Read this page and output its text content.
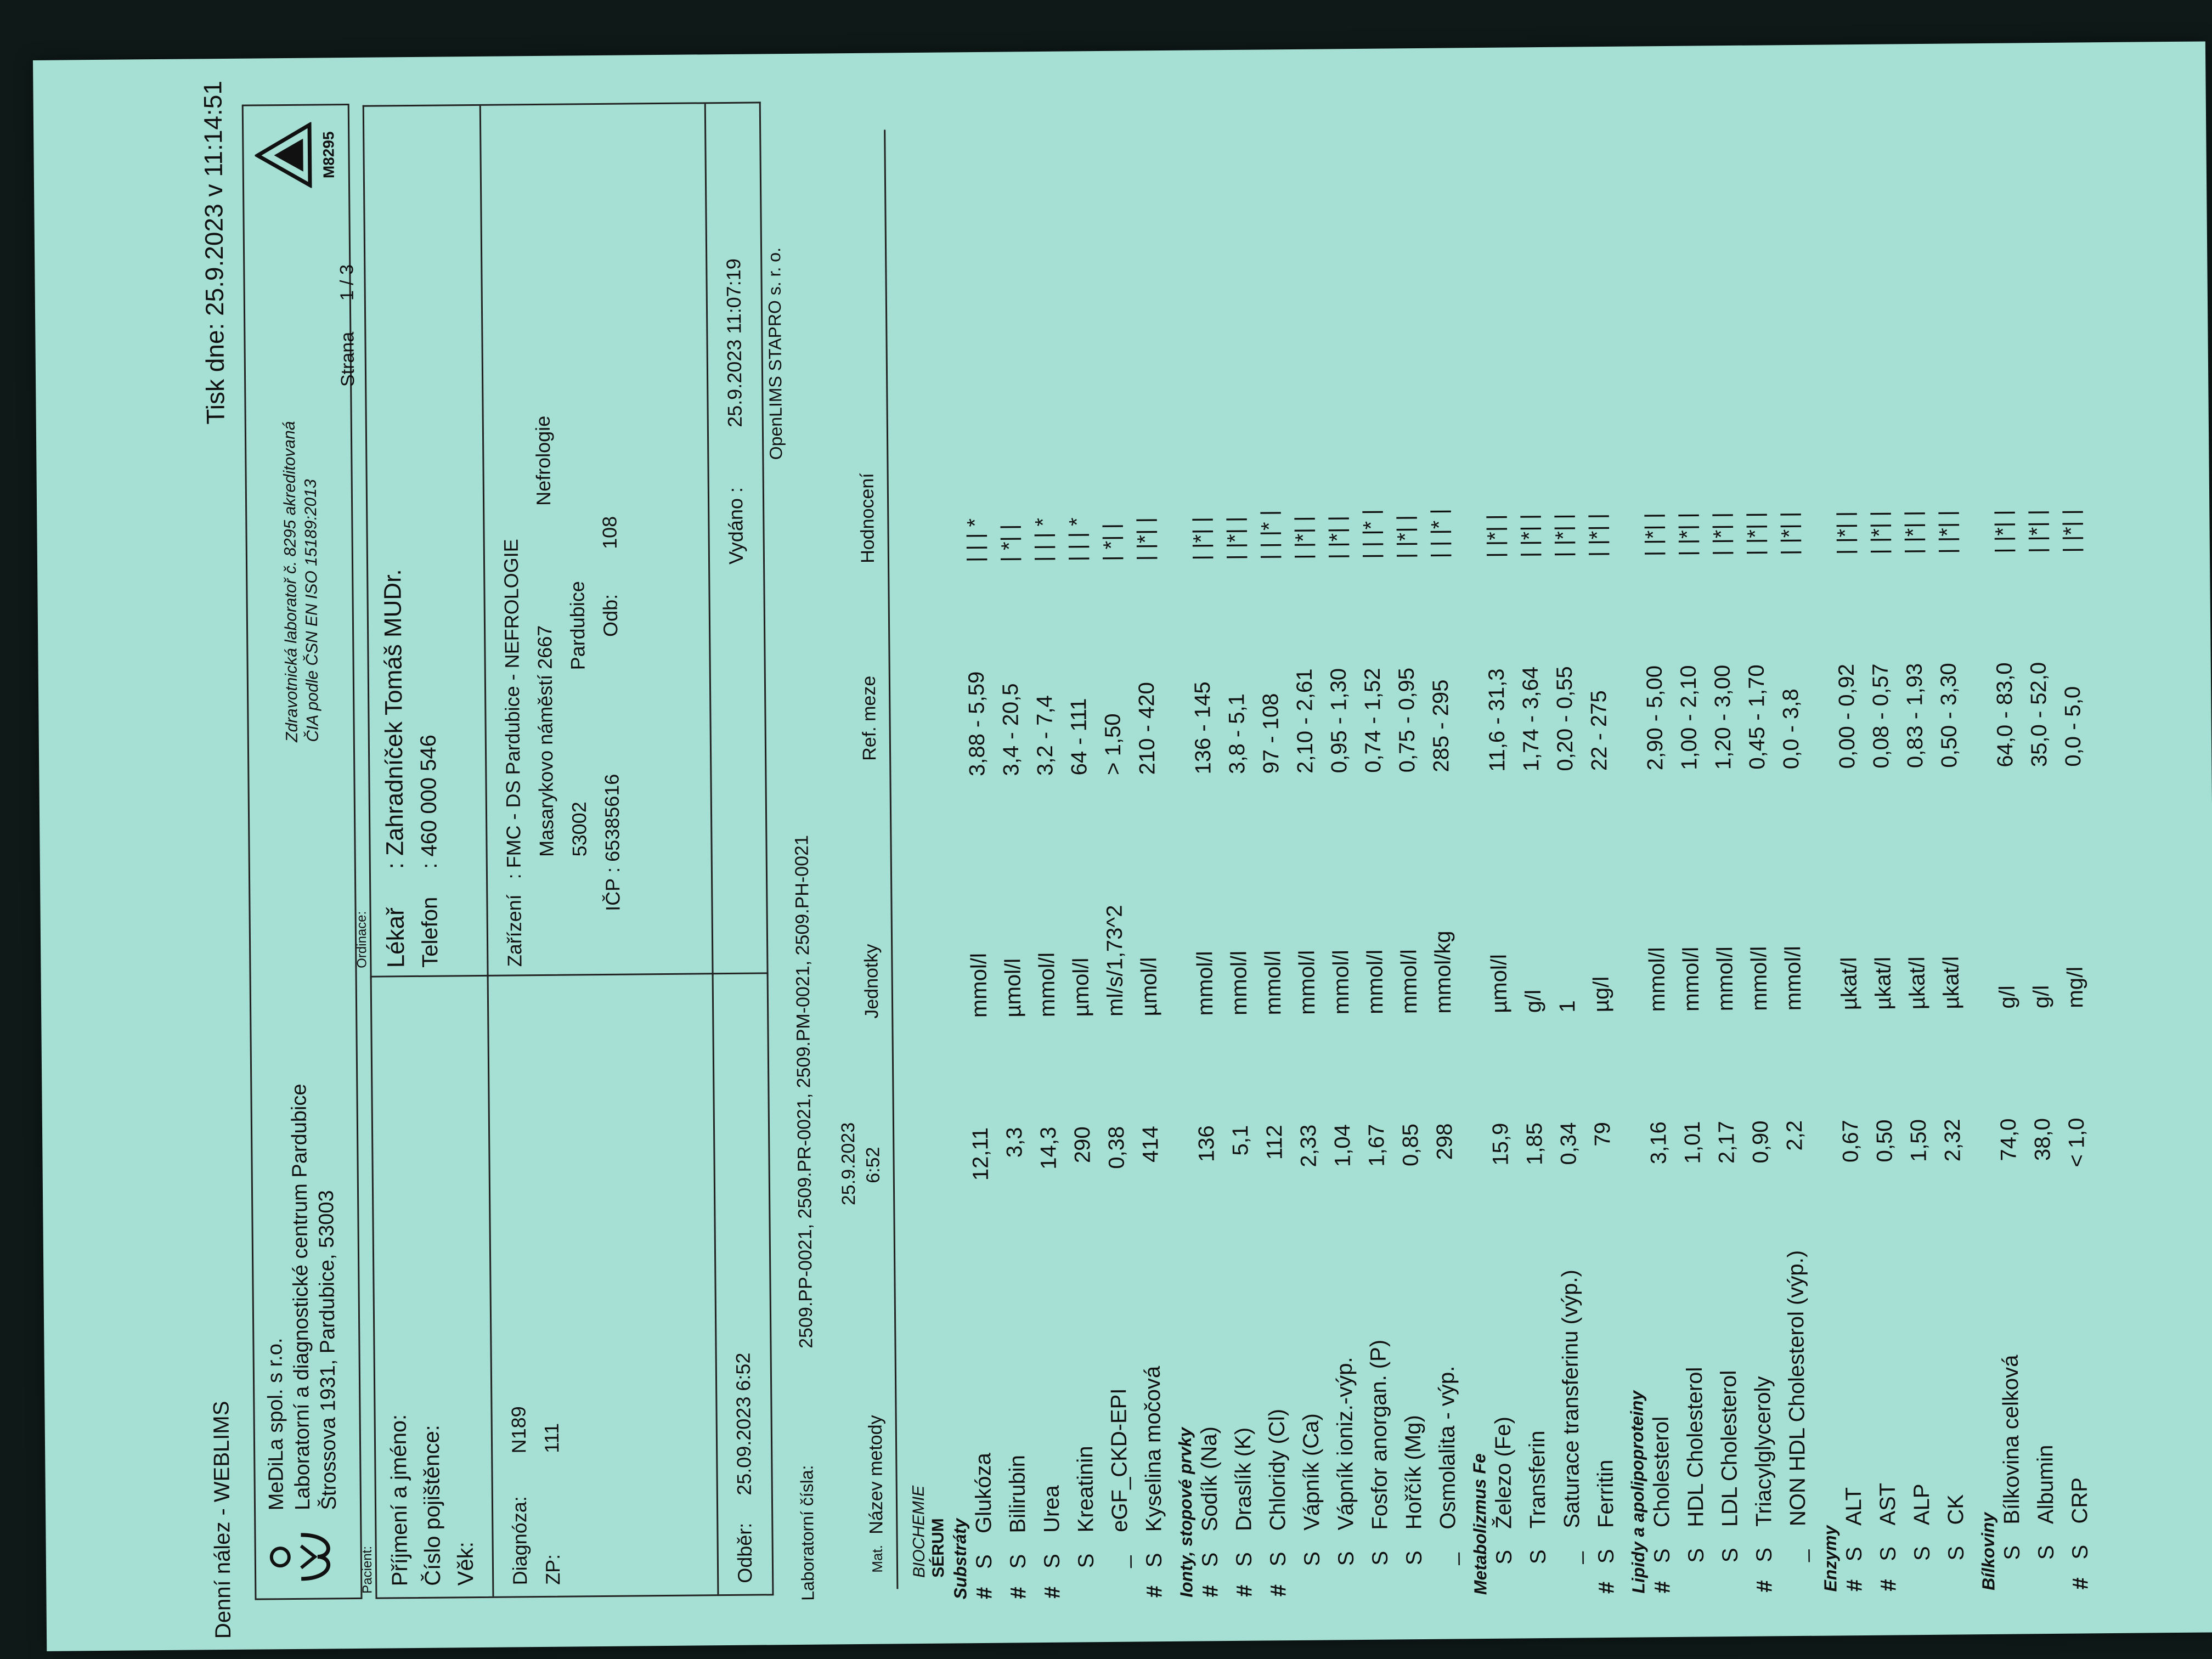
Denní nález - WEBLIMS
Tisk dne: 25.9.2023 v 11:14:51
MeDiLa spol. s r.o. Laboratorní a diagnostické centrum Pardubice Štrossova 1931, Pardubice, 53003
Zdravotnická laboratoř č. 8295 akreditovaná ČIA podle ČSN EN ISO 15189:2013
M8295
Pacient: Příjmení a jméno: Číslo pojištěnce: Věk: Diagnóza:
N189
ZP:
111
Odběr:
25.09.2023 6:52
Ordinace:
Strana      1 / 3
Lékař
: Zahradníček Tomáš MUDr.
Telefon
: 460 000 546
Zařízení
: FMC - DS Pardubice - NEFROLOGIE Masarykovo náměstí 2667
Nefrologie
53002
Pardubice
IČP
: 65385616
Odb:
108	Vydáno :
25.9.2023 11:07:19 OpenLIMS STAPRO s. r. o.
Laboratorní čísla:
2509.PP-0021, 2509.PR-0021, 2509.PM-0021, 2509.PH-0021
Mat.
Název metody
25.9.2023 6:52
Jednotky
Ref. meze
Hodnocení
BIOCHEMIE SÉRUM Substráty #
S
Glukóza
12,11
mmol/l
3,88 - 5,59
| | | *
#
S
Bilirubin
3,3
µmol/l
3,4 - 20,5
| *| |
#
S
Urea
14,3
mmol/l
3,2 - 7,4
| | | *
S
Kreatinin
290
µmol/l
64 - 111
| | | *
_
eGF_CKD-EPI
0,38
ml/s/1,73^2
> 1,50
| *| |
#
S
Kyselina močová
414
µmol/l
210 - 420
| |*| |
Ionty, stopové prvky #
S
Sodík (Na)
136
mmol/l
136 - 145
| |*| |
#
S
Draslík (K)
5,1
mmol/l
3,8 - 5,1
| |*| |
#
S
Chloridy (Cl)
112
mmol/l
97 - 108
| | |* |
S
Vápník (Ca)
2,33
mmol/l
2,10 - 2,61
| |*| |
S
Vápník ioniz.-výp.
1,04
mmol/l
0,95 - 1,30
| |*| |
S
Fosfor anorgan. (P)
1,67
mmol/l
0,74 - 1,52
| | |* |
S
Hořčík (Mg)
0,85
mmol/l
0,75 - 0,95
| |*| |
_
Osmolalita - výp.
298
mmol/kg
285 - 295
| | |* |
Metabolizmus Fe S
Železo (Fe)
15,9
µmol/l
11,6 - 31,3
| |*| |
S
Transferin
1,85
g/l
1,74 - 3,64
| |*| |
_
Saturace transferinu (výp.)
0,34
1
0,20 - 0,55
| |*| |
#
S
Ferritin
79
µg/l
22 - 275
| |*| |
Lipidy a apolipoproteiny #
S
Cholesterol
3,16
mmol/l
2,90 - 5,00
| |*| |
S
HDL Cholesterol
1,01
mmol/l
1,00 - 2,10
| |*| |
S
LDL Cholesterol
2,17
mmol/l
1,20 - 3,00
| |*| |
#
S
Triacylglyceroly
0,90
mmol/l
0,45 - 1,70
| |*| |
_
NON HDL Cholesterol (výp.)
2,2
mmol/l
0,0 - 3,8
| |*| |
Enzymy #
S
ALT
0,67
µkat/l
0,00 - 0,92
| |*| |
#
S
AST
0,50
µkat/l
0,08 - 0,57
| |*| |
S
ALP
1,50
µkat/l
0,83 - 1,93
| |*| |
S
CK
2,32
µkat/l
0,50 - 3,30
| |*| |
Bílkoviny S
Bílkovina celková
74,0
g/l
64,0 - 83,0
| |*| |
S
Albumin
38,0
g/l
35,0 - 52,0
| |*| |
#
S
CRP
< 1,0
mg/l
0,0 - 5,0
| |*| |
